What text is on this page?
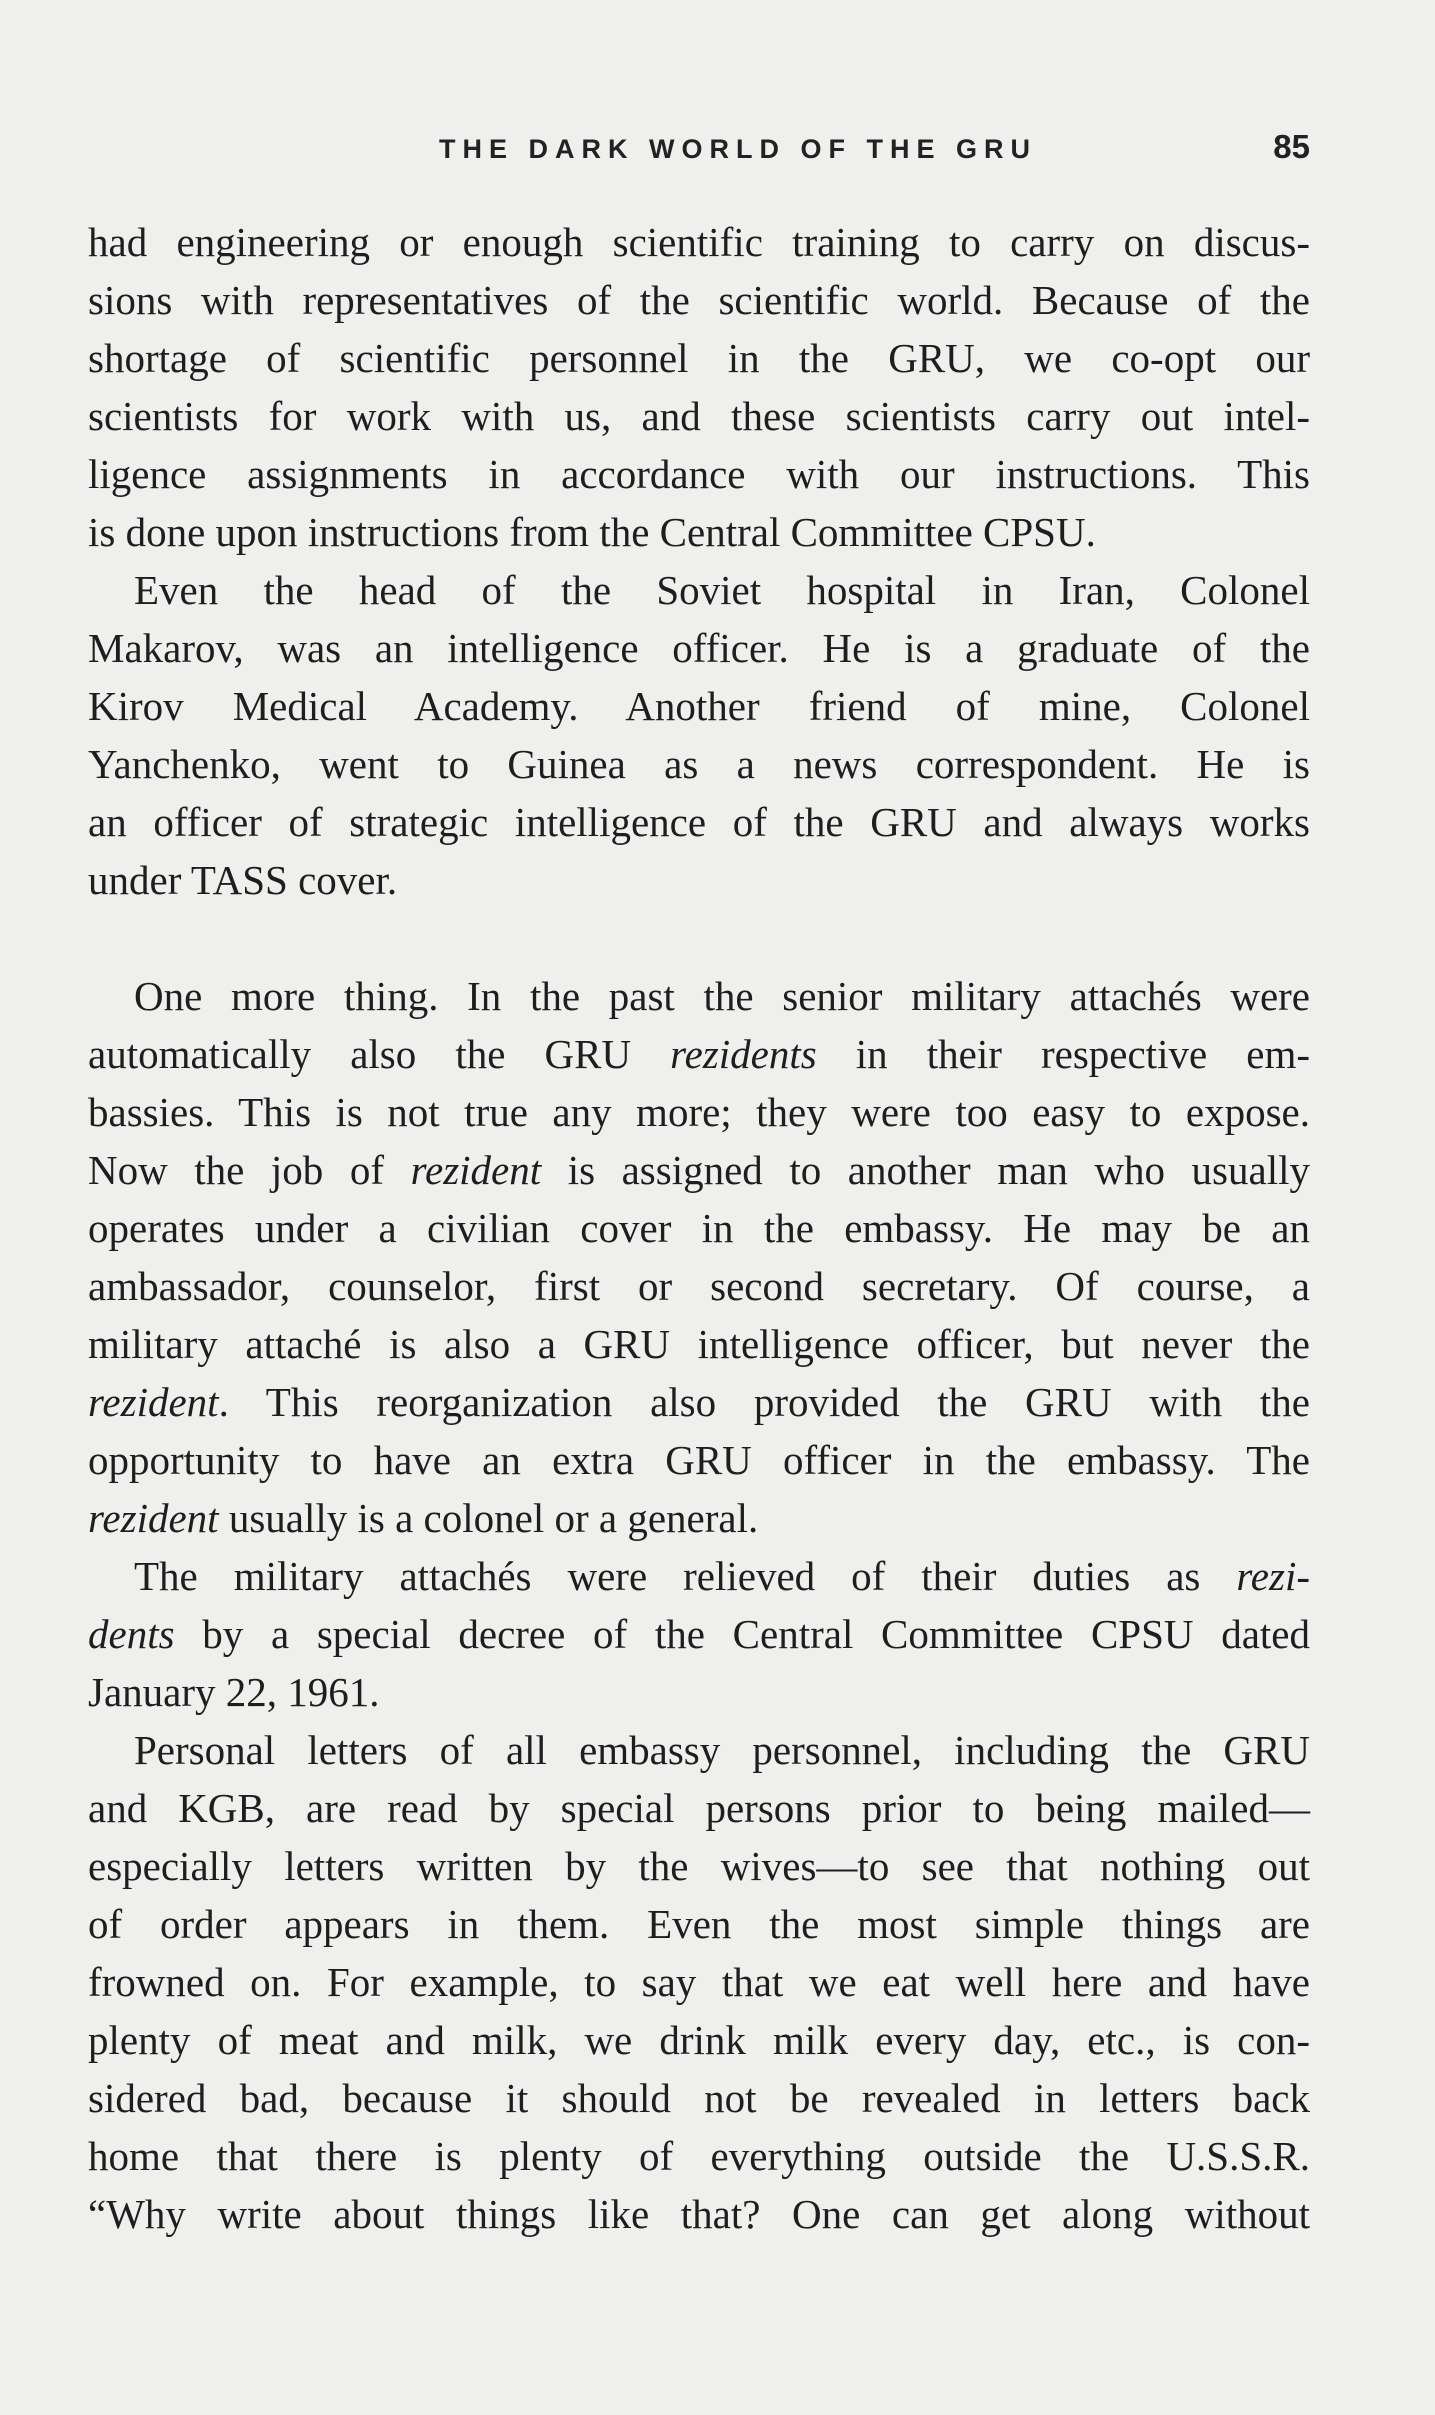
THE DARK WORLD OF THE GRU	85
had engineering or enough scientific training to carry on discus-
sions with representatives of the scientific world. Because of the
shortage of scientific personnel in the GRU, we co-opt our
scientists for work with us, and these scientists carry out intel-
ligence assignments in accordance with our instructions. This
is done upon instructions from the Central Committee CPSU.
Even the head of the Soviet hospital in Iran, Colonel
Makarov, was an intelligence officer. He is a graduate of the
Kirov Medical Academy. Another friend of mine, Colonel
Yanchenko, went to Guinea as a news correspondent. He is
an officer of strategic intelligence of the GRU and always works
under TASS cover.
One more thing. In the past the senior military attachés were
automatically also the GRU rezidents in their respective em-
bassies. This is not true any more; they were too easy to expose.
Now the job of rezident is assigned to another man who usually
operates under a civilian cover in the embassy. He may be an
ambassador, counselor, first or second secretary. Of course, a
military attaché is also a GRU intelligence officer, but never the
rezident. This reorganization also provided the GRU with the
opportunity to have an extra GRU officer in the embassy. The
rezident usually is a colonel or a general.
The military attachés were relieved of their duties as rezi-
dents by a special decree of the Central Committee CPSU dated
January 22, 1961.
Personal letters of all embassy personnel, including the GRU
and KGB, are read by special persons prior to being mailed—
especially letters written by the wives—to see that nothing out
of order appears in them. Even the most simple things are
frowned on. For example, to say that we eat well here and have
plenty of meat and milk, we drink milk every day, etc., is con-
sidered bad, because it should not be revealed in letters back
home that there is plenty of everything outside the U.S.S.R.
“Why write about things like that? One can get along without
